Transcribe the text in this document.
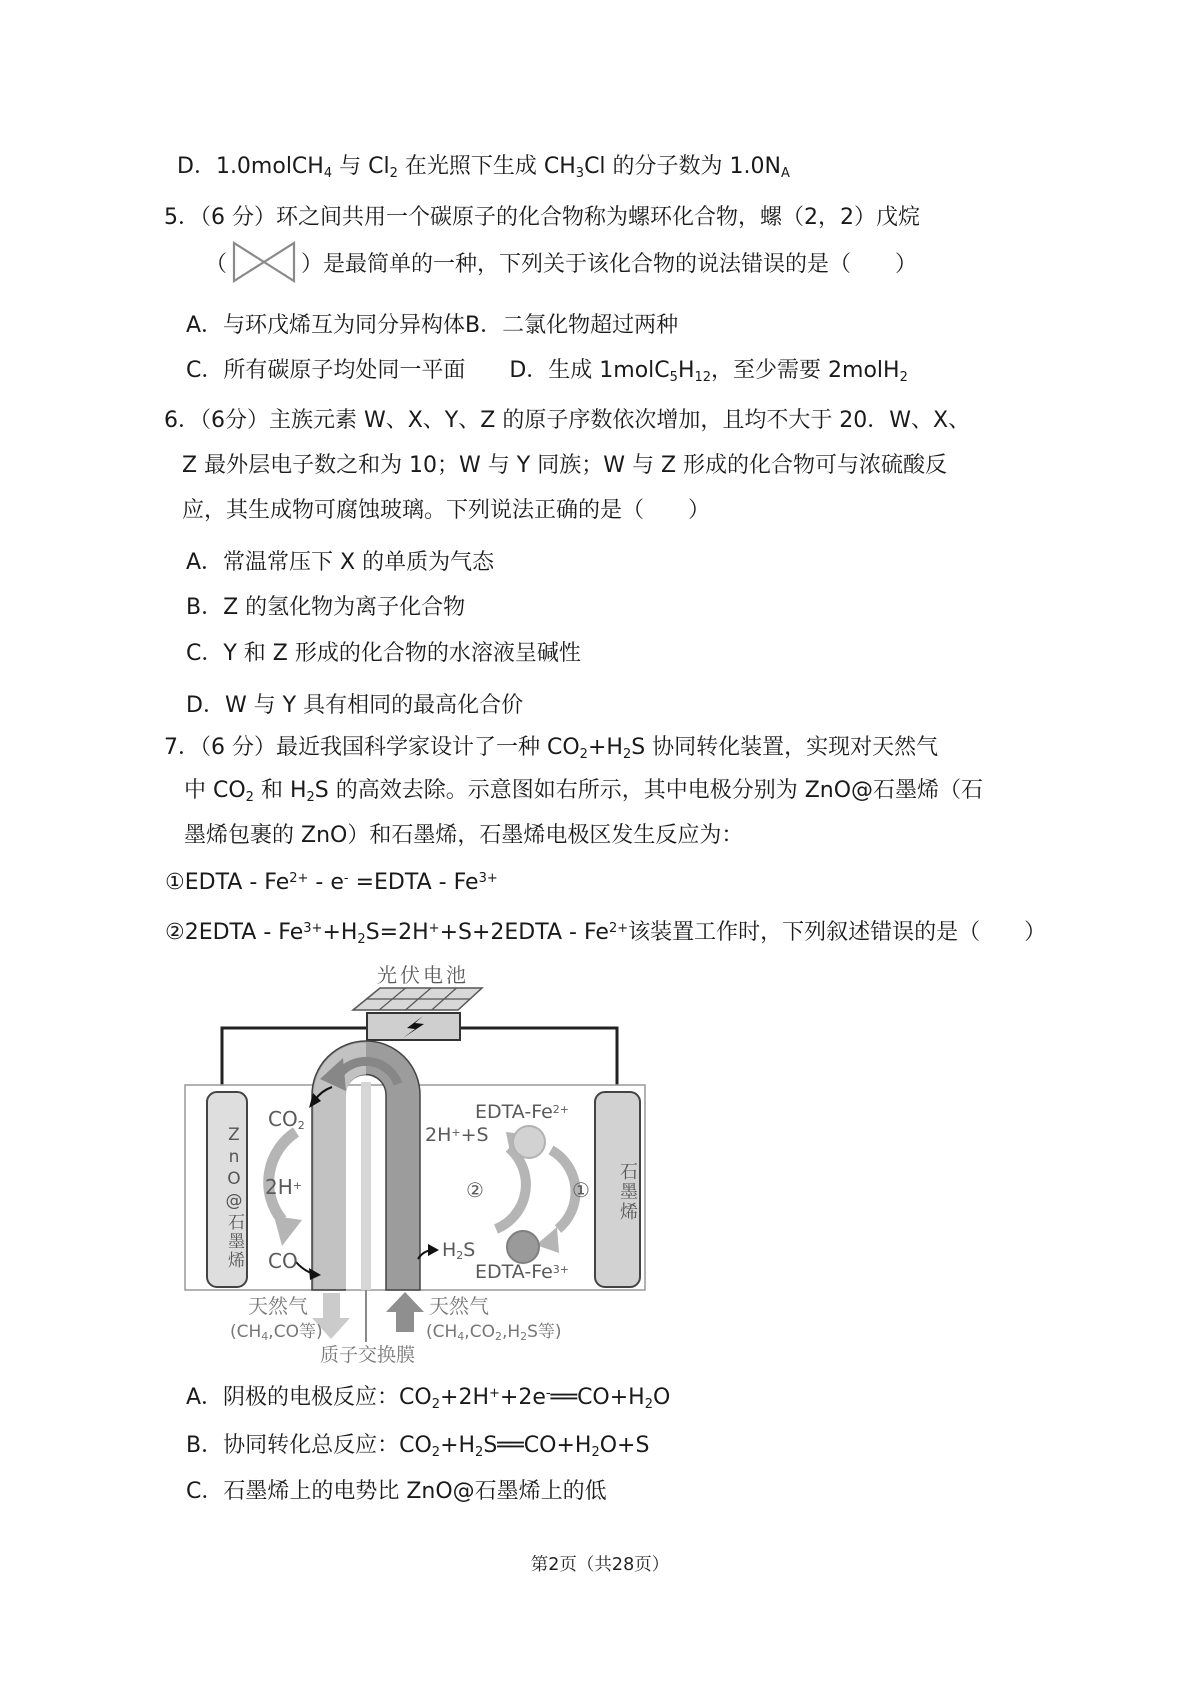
D．1.0molCH$_4$ 与 $Cl_2$ 在光照下生成 $CH_3Cl$ 的分子数为 $1.0N_A$
5．（6 分）环之间共用一个碳原子的化合物称为螺环化合物，螺（2，2）戊烷
（	）是最简单的一种，下列关于该化合物的说法错误的是（　　）
A．与环戊烯互为同分异构体B．二氯化物超过两种
C．所有碳原子均处同一平面　　D．生成 $1molC_5H_{12}$，至少需要 2molH$_2$
6．（6分）主族元素 W、X、Y、Z 的原子序数依次增加，且均不大于 20．W、X、
Z 最外层电子数之和为 10；W 与 Y 同族；W 与 Z 形成的化合物可与浓硫酸反
应，其生成物可腐蚀玻璃。下列说法正确的是（　　）
A．常温常压下 X 的单质为气态
B．Z 的氢化物为离子化合物
C．Y 和 Z 形成的化合物的水溶液呈碱性
D．W 与 Y 具有相同的最高化合价
7．（6 分）最近我国科学家设计了一种 $CO_2+H_2S$ 协同转化装置，实现对天然气
中 $CO_2$ 和 $H_2S$ 的高效去除。示意图如右所示，其中电极分别为 ZnO@石墨烯（石
墨烯包裹的 ZnO）和石墨烯，石墨烯电极区发生反应为：
①EDTA - $Fe^{2+} - e^-$ =EDTA - $Fe^{3+}$
②2EDTA - $Fe^{3+}+H_2S=2H^++S+2EDTA - Fe^{2+}$该装置工作时，下列叙述错误的是（　　）
光伏电池
ZnO@石墨烯	石墨烯
$CO_2$
2H+
CO
EDTA-$Fe^{2+}$
2H++S
②	①
$H_2S$
EDTA-$Fe^{3+}$
天然气
($CH_4,CO$等)
天然气
($CH_4,CO_2,H_2S$等)
质子交换膜
A．阴极的电极反应：$CO_2+2H^++2e^-══CO+H_2O$
B．协同转化总反应：$CO_2+H_2S══CO+H_2O+S$
C．石墨烯上的电势比 ZnO@石墨烯上的低
第2页（共28页）
